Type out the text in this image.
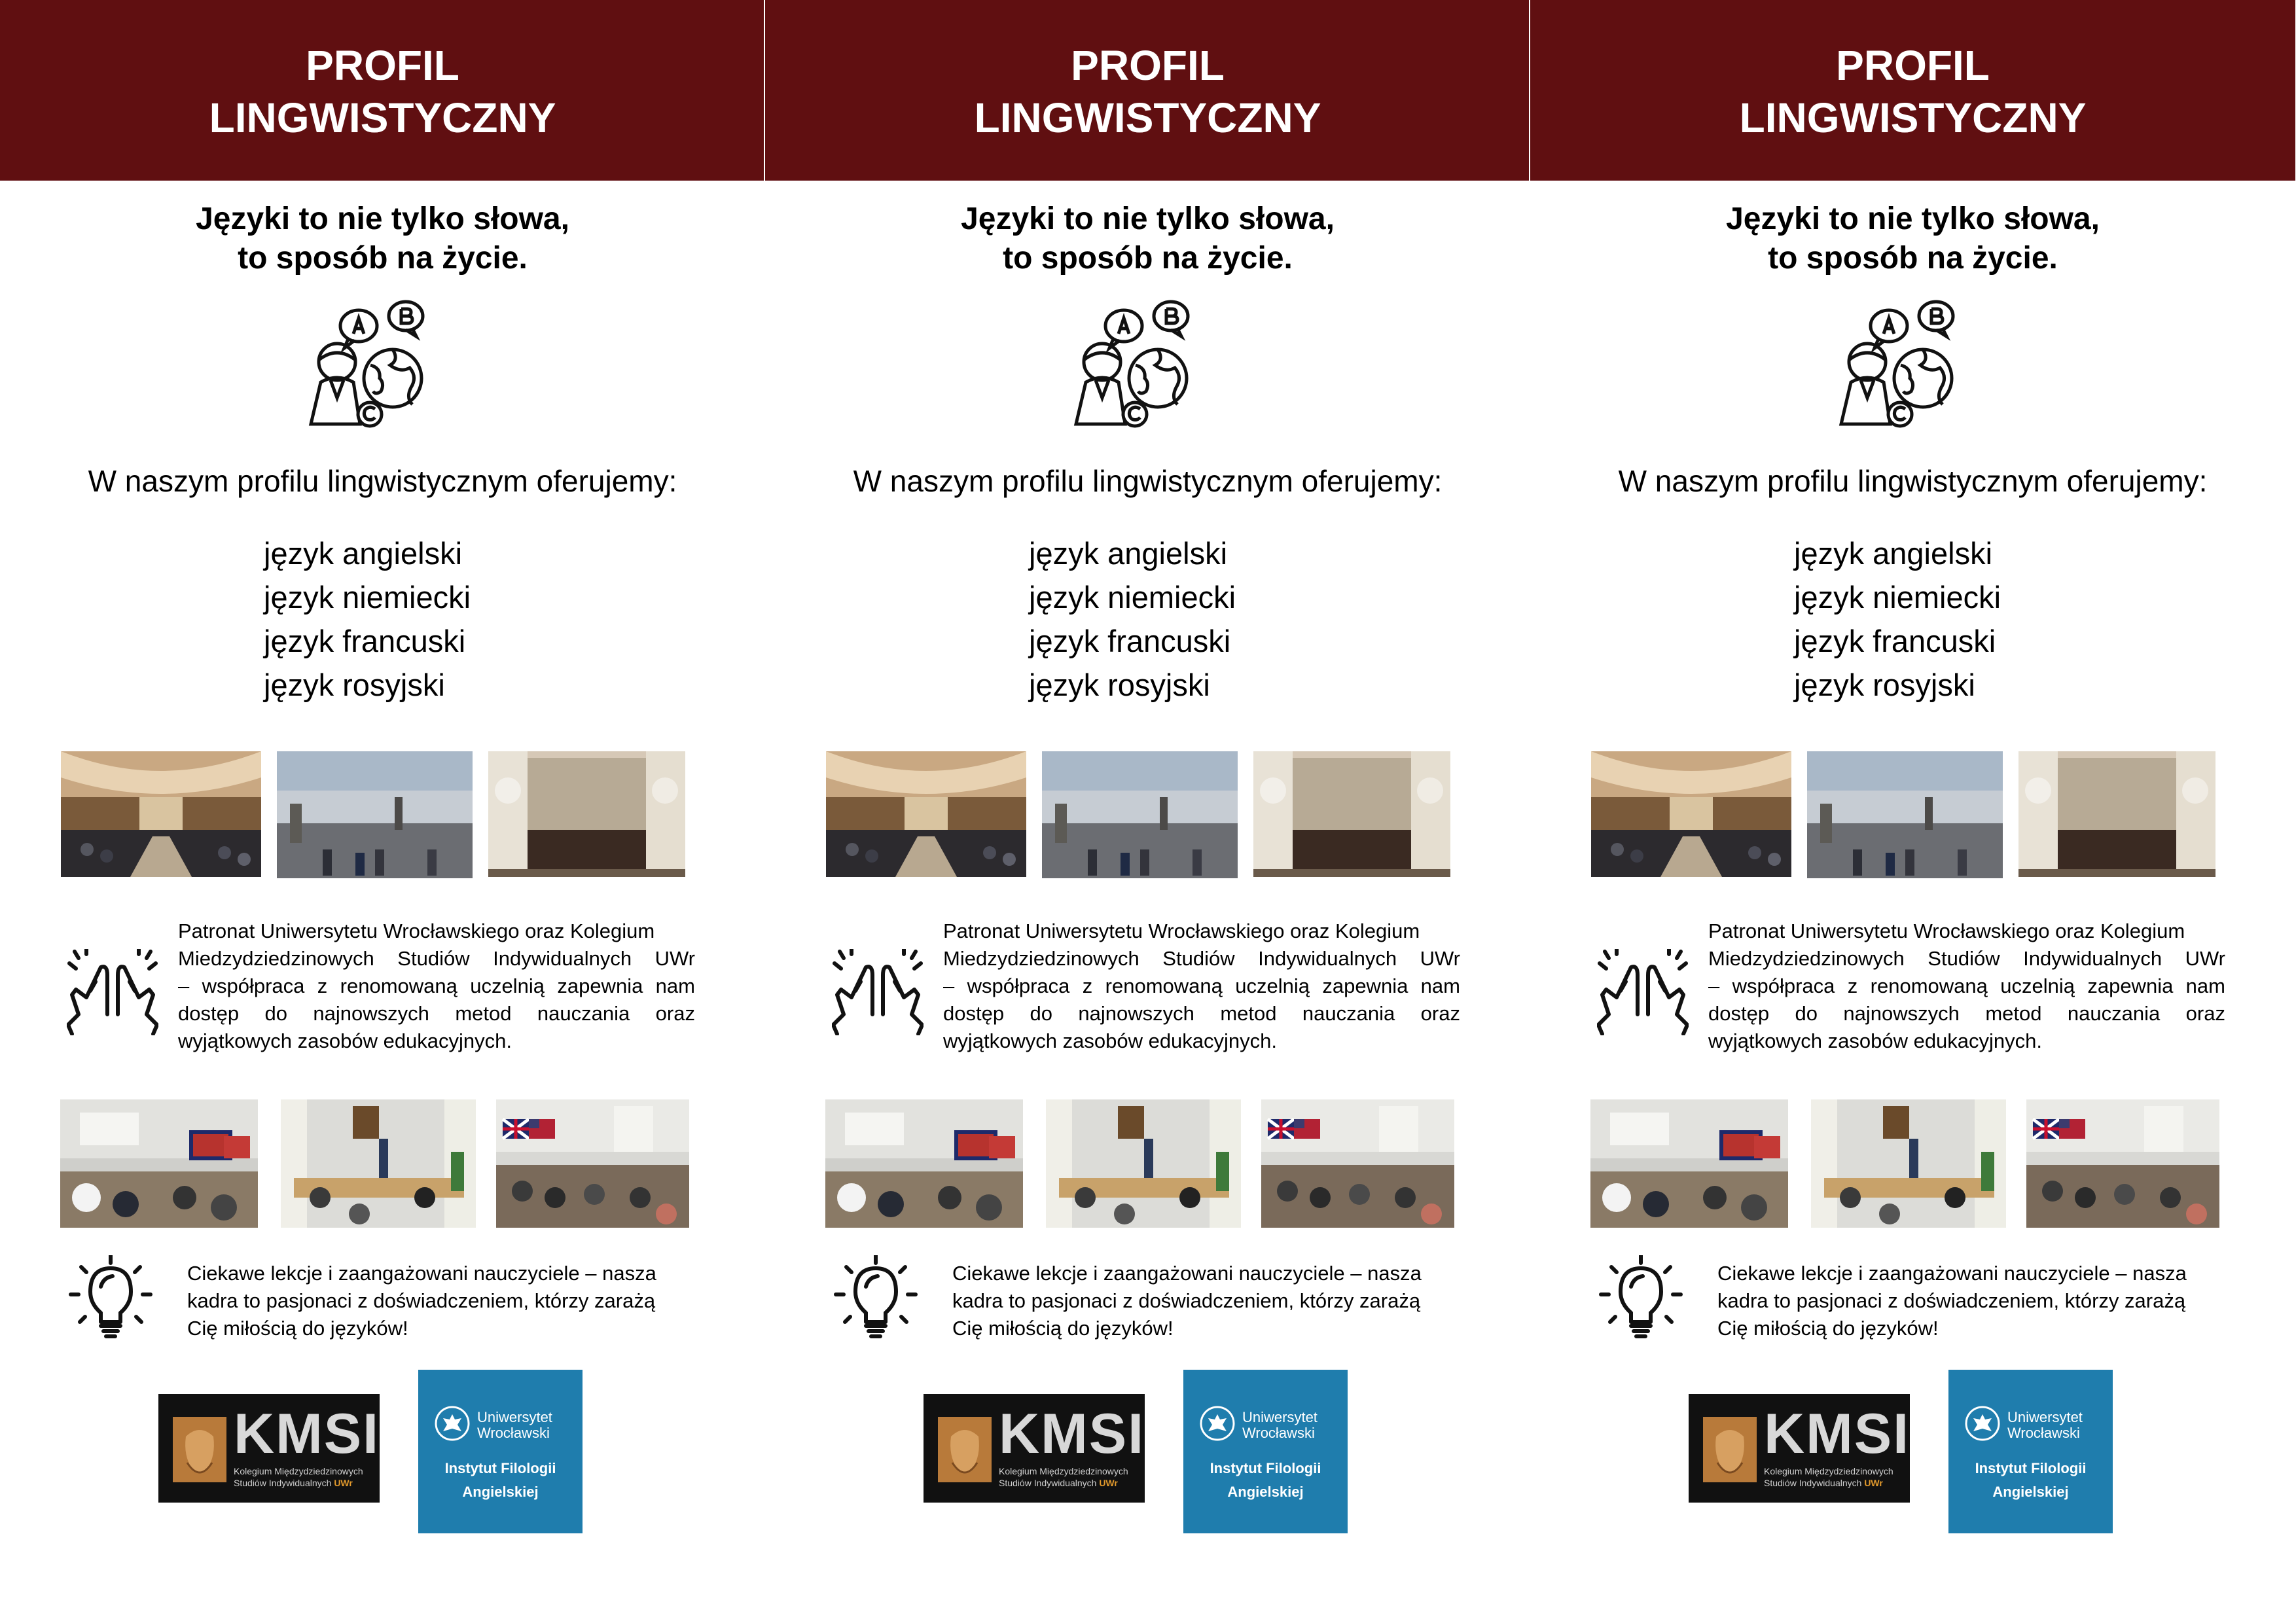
PROFIL
LINGWISTYCZNY
Języki to nie tylko słowa,
to sposób na życie.
W naszym profilu lingwistycznym oferujemy:
język angielski
język niemiecki
język francuski
język rosyjski
Patronat Uniwersytetu Wrocławskiego oraz Kolegium
Miedzydziedzinowych Studiów Indywidualnych UWr
– współpraca z renomowaną uczelnią zapewnia nam
dostęp do najnowszych metod nauczania oraz
wyjątkowych zasobów edukacyjnych.
Ciekawe lekcje i zaangażowani nauczyciele – nasza
kadra to pasjonaci z doświadczeniem, którzy zarażą
Cię miłością do języków!
KMSI
Kolegium Międzydziedzinowych
Studiów Indywidualnych UWr
Uniwersytet
Wrocławski
Instytut Filologii
Angielskiej
PROFIL
LINGWISTYCZNY
Języki to nie tylko słowa,
to sposób na życie.
W naszym profilu lingwistycznym oferujemy:
język angielski
język niemiecki
język francuski
język rosyjski
Patronat Uniwersytetu Wrocławskiego oraz Kolegium
Miedzydziedzinowych Studiów Indywidualnych UWr
– współpraca z renomowaną uczelnią zapewnia nam
dostęp do najnowszych metod nauczania oraz
wyjątkowych zasobów edukacyjnych.
Ciekawe lekcje i zaangażowani nauczyciele – nasza
kadra to pasjonaci z doświadczeniem, którzy zarażą
Cię miłością do języków!
KMSI
Kolegium Międzydziedzinowych
Studiów Indywidualnych UWr
Uniwersytet
Wrocławski
Instytut Filologii
Angielskiej
PROFIL
LINGWISTYCZNY
Języki to nie tylko słowa,
to sposób na życie.
W naszym profilu lingwistycznym oferujemy:
język angielski
język niemiecki
język francuski
język rosyjski
Patronat Uniwersytetu Wrocławskiego oraz Kolegium
Miedzydziedzinowych Studiów Indywidualnych UWr
– współpraca z renomowaną uczelnią zapewnia nam
dostęp do najnowszych metod nauczania oraz
wyjątkowych zasobów edukacyjnych.
Ciekawe lekcje i zaangażowani nauczyciele – nasza
kadra to pasjonaci z doświadczeniem, którzy zarażą
Cię miłością do języków!
KMSI
Kolegium Międzydziedzinowych
Studiów Indywidualnych UWr
Uniwersytet
Wrocławski
Instytut Filologii
Angielskiej
